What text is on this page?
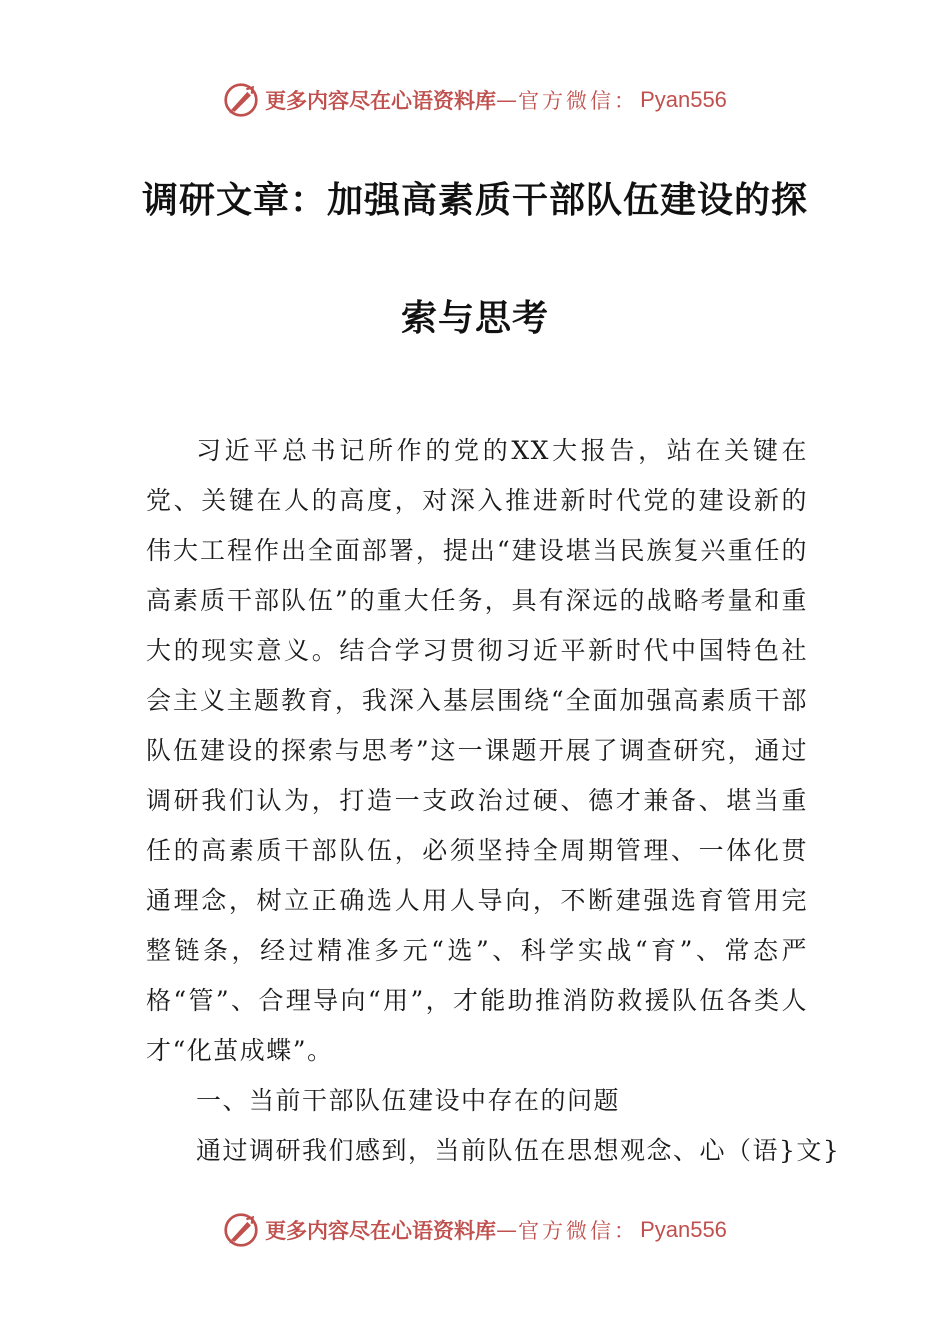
更多内容尽在心语资料库 — 官方微信： Pyan556
调研文章：加强高素质干部队伍建设的探
索与思考

习近平总书记所作的党的XX大报告，站在关键在党、关键在人的高度，对深入推进新时代党的建设新的伟大工程作出全面部署，提出“建设堪当民族复兴重任的高素质干部队伍”的重大任务，具有深远的战略考量和重大的现实意义。结合学习贯彻习近平新时代中国特色社会主义主题教育，我深入基层围绕“全面加强高素质干部队伍建设的探索与思考”这一课题开展了调查研究，通过调研我们认为，打造一支政治过硬、德才兼备、堪当重任的高素质干部队伍，必须坚持全周期管理、一体化贯通理念，树立正确选人用人导向，不断建强选育管用完整链条，经过精准多元“选”、科学实战“育”、常态严格“管”、合理导向“用”，才能助推消防救援队伍各类人才“化茧成蝶”。

一、当前干部队伍建设中存在的问题

通过调研我们感到，当前队伍在思想观念、心（语}文}

更多内容尽在心语资料库 — 官方微信： Pyan556
